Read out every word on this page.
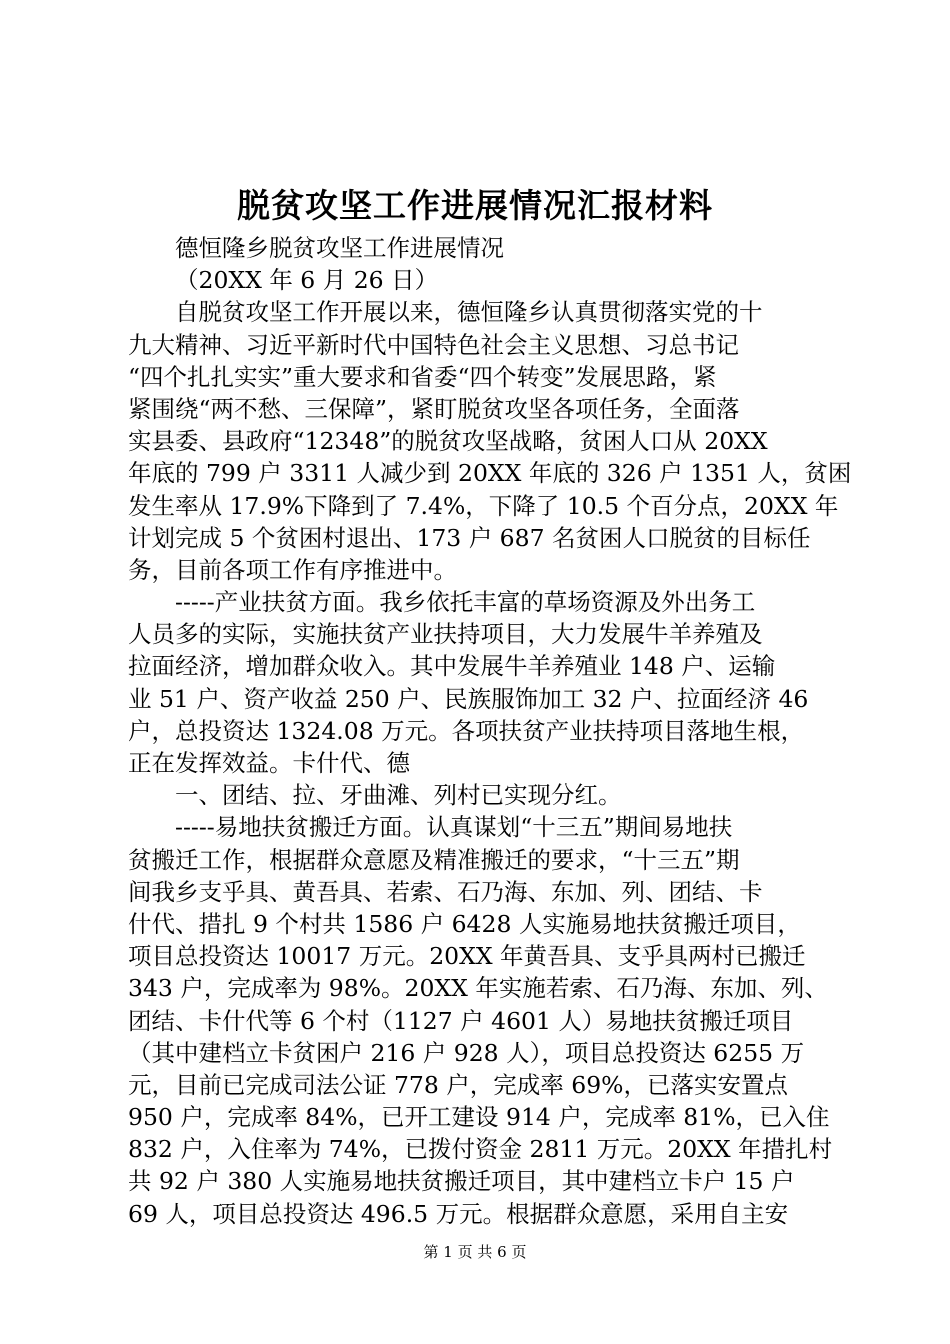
脱贫攻坚工作进展情况汇报材料
德恒隆乡脱贫攻坚工作进展情况
（20XX 年 6 月 26 日）
自脱贫攻坚工作开展以来，德恒隆乡认真贯彻落实党的十
九大精神、习近平新时代中国特色社会主义思想、习总书记
“四个扎扎实实”重大要求和省委“四个转变”发展思路，紧
紧围绕“两不愁、三保障”，紧盯脱贫攻坚各项任务，全面落
实县委、县政府“12348”的脱贫攻坚战略，贫困人口从 20XX
年底的 799 户 3311 人减少到 20XX 年底的 326 户 1351 人，贫困
发生率从 17.9%下降到了 7.4%，下降了 10.5 个百分点，20XX 年
计划完成 5 个贫困村退出、173 户 687 名贫困人口脱贫的目标任
务，目前各项工作有序推进中。
-----产业扶贫方面。我乡依托丰富的草场资源及外出务工
人员多的实际，实施扶贫产业扶持项目，大力发展牛羊养殖及
拉面经济，增加群众收入。其中发展牛羊养殖业 148 户、运输
业 51 户、资产收益 250 户、民族服饰加工 32 户、拉面经济 46
户，总投资达 1324.08 万元。各项扶贫产业扶持项目落地生根，
正在发挥效益。卡什代、德
一、团结、拉、牙曲滩、列村已实现分红。
-----易地扶贫搬迁方面。认真谋划“十三五”期间易地扶
贫搬迁工作，根据群众意愿及精准搬迁的要求，“十三五”期
间我乡支乎具、黄吾具、若索、石乃海、东加、列、团结、卡
什代、措扎 9 个村共 1586 户 6428 人实施易地扶贫搬迁项目，
项目总投资达 10017 万元。20XX 年黄吾具、支乎具两村已搬迁
343 户，完成率为 98%。20XX 年实施若索、石乃海、东加、列、
团结、卡什代等 6 个村（1127 户 4601 人）易地扶贫搬迁项目
（其中建档立卡贫困户 216 户 928 人），项目总投资达 6255 万
元，目前已完成司法公证 778 户，完成率 69%，已落实安置点
950 户，完成率 84%，已开工建设 914 户，完成率 81%，已入住
832 户，入住率为 74%，已拨付资金 2811 万元。20XX 年措扎村
共 92 户 380 人实施易地扶贫搬迁项目，其中建档立卡户 15 户
69 人，项目总投资达 496.5 万元。根据群众意愿，采用自主安
第 1 页 共 6 页
